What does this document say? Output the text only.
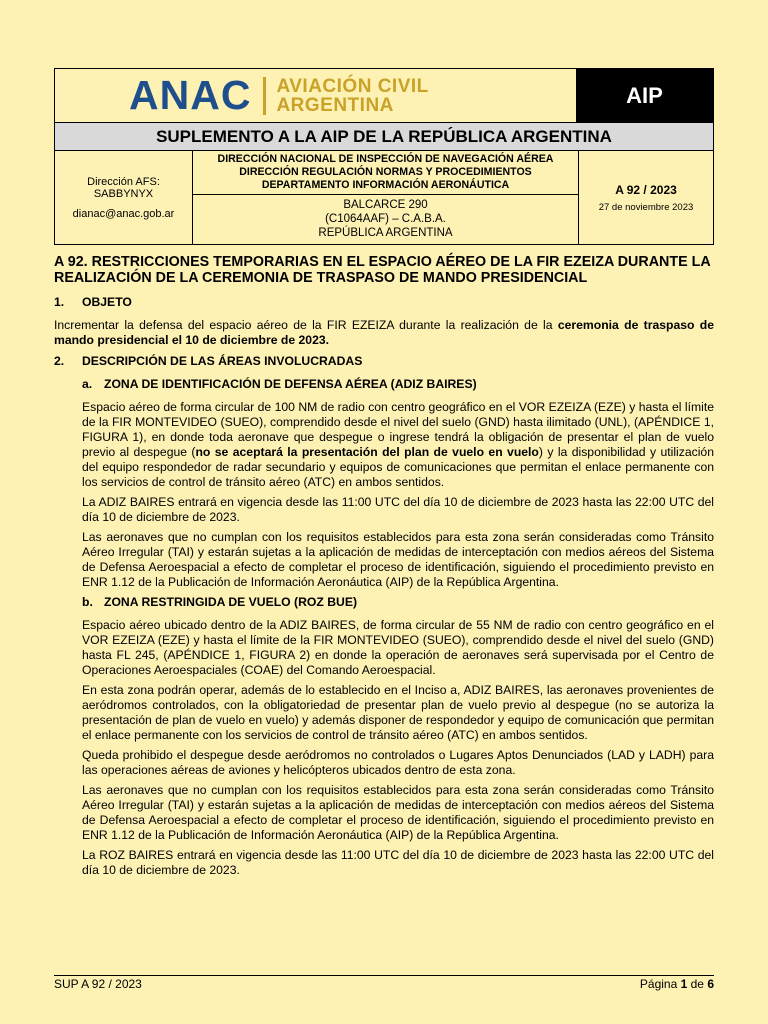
ANAC AVIACIÓN CIVIL
ARGENTINA	AIP
SUPLEMENTO A LA AIP DE LA REPÚBLICA ARGENTINA
Dirección AFS:
SABBYNYX
dianac@anac.gob.ar
DIRECCIÓN NACIONAL DE INSPECCIÓN DE NAVEGACIÓN AÉREA
DIRECCIÓN REGULACIÓN NORMAS Y PROCEDIMIENTOS
DEPARTAMENTO INFORMACIÓN AERONÁUTICA
BALCARCE 290
(C1064AAF) – C.A.B.A.
REPÚBLICA ARGENTINA
A 92 / 2023
27 de noviembre 2023
A 92. RESTRICCIONES TEMPORARIAS EN EL ESPACIO AÉREO DE LA FIR EZEIZA DURANTE LA REALIZACIÓN DE LA CEREMONIA DE TRASPASO DE MANDO PRESIDENCIAL
1.	OBJETO
Incrementar la defensa del espacio aéreo de la FIR EZEIZA durante la realización de la ceremonia de traspaso de mando presidencial el 10 de diciembre de 2023.
2.	DESCRIPCIÓN DE LAS ÁREAS INVOLUCRADAS
a. ZONA DE IDENTIFICACIÓN DE DEFENSA AÉREA (ADIZ BAIRES)
Espacio aéreo de forma circular de 100 NM de radio con centro geográfico en el VOR EZEIZA (EZE) y hasta el límite de la FIR MONTEVIDEO (SUEO), comprendido desde el nivel del suelo (GND) hasta ilimitado (UNL), (APÉNDICE 1, FIGURA 1), en donde toda aeronave que despegue o ingrese tendrá la obligación de presentar el plan de vuelo previo al despegue (no se aceptará la presentación del plan de vuelo en vuelo) y la disponibilidad y utilización del equipo respondedor de radar secundario y equipos de comunicaciones que permitan el enlace permanente con los servicios de control de tránsito aéreo (ATC) en ambos sentidos.
La ADIZ BAIRES entrará en vigencia desde las 11:00 UTC del día 10 de diciembre de 2023 hasta las 22:00 UTC del día 10 de diciembre de 2023.
Las aeronaves que no cumplan con los requisitos establecidos para esta zona serán consideradas como Tránsito Aéreo Irregular (TAI) y estarán sujetas a la aplicación de medidas de interceptación con medios aéreos del Sistema de Defensa Aeroespacial a efecto de completar el proceso de identificación, siguiendo el procedimiento previsto en ENR 1.12 de la Publicación de Información Aeronáutica (AIP) de la República Argentina.
b. ZONA RESTRINGIDA DE VUELO (ROZ BUE)
Espacio aéreo ubicado dentro de la ADIZ BAIRES, de forma circular de 55 NM de radio con centro geográfico en el VOR EZEIZA (EZE) y hasta el límite de la FIR MONTEVIDEO (SUEO), comprendido desde el nivel del suelo (GND) hasta FL 245, (APÉNDICE 1, FIGURA 2) en donde la operación de aeronaves será supervisada por el Centro de Operaciones Aeroespaciales (COAE) del Comando Aeroespacial.
En esta zona podrán operar, además de lo establecido en el Inciso a, ADIZ BAIRES, las aeronaves provenientes de aeródromos controlados, con la obligatoriedad de presentar plan de vuelo previo al despegue (no se autoriza la presentación de plan de vuelo en vuelo) y además disponer de respondedor y equipo de comunicación que permitan el enlace permanente con los servicios de control de tránsito aéreo (ATC) en ambos sentidos.
Queda prohibido el despegue desde aeródromos no controlados o Lugares Aptos Denunciados (LAD y LADH) para las operaciones aéreas de aviones y helicópteros ubicados dentro de esta zona.
Las aeronaves que no cumplan con los requisitos establecidos para esta zona serán consideradas como Tránsito Aéreo Irregular (TAI) y estarán sujetas a la aplicación de medidas de interceptación con medios aéreos del Sistema de Defensa Aeroespacial a efecto de completar el proceso de identificación, siguiendo el procedimiento previsto en ENR 1.12 de la Publicación de Información Aeronáutica (AIP) de la República Argentina.
La ROZ BAIRES entrará en vigencia desde las 11:00 UTC del día 10 de diciembre de 2023 hasta las 22:00 UTC del día 10 de diciembre de 2023.
SUP A 92 / 2023	Página 1 de 6
